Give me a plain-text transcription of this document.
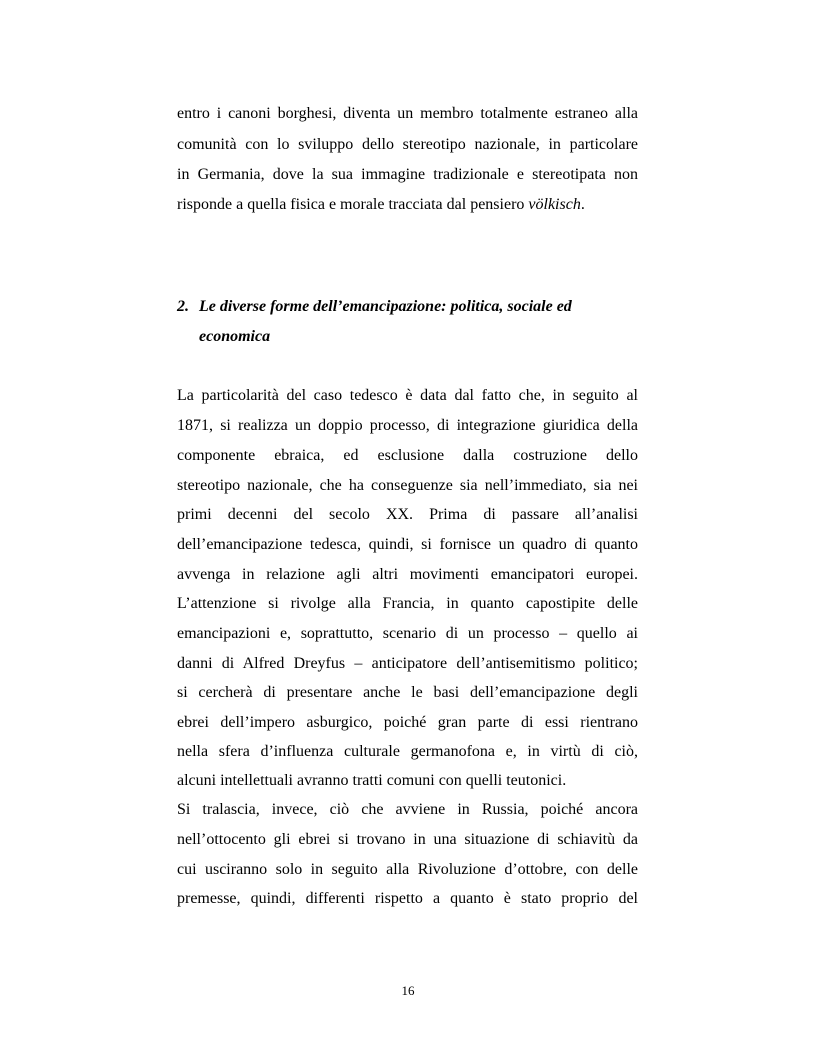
entro i canoni borghesi, diventa un membro totalmente estraneo alla
comunità con lo sviluppo dello stereotipo nazionale, in particolare
in Germania, dove la sua immagine tradizionale e stereotipata non
risponde a quella fisica e morale tracciata dal pensiero völkisch.
2. Le diverse forme dell’emancipazione: politica, sociale ed
economica
La particolarità del caso tedesco è data dal fatto che, in seguito al
1871, si realizza un doppio processo, di integrazione giuridica della
componente ebraica, ed esclusione dalla costruzione dello
stereotipo nazionale, che ha conseguenze sia nell’immediato, sia nei
primi decenni del secolo XX. Prima di passare all’analisi
dell’emancipazione tedesca, quindi, si fornisce un quadro di quanto
avvenga in relazione agli altri movimenti emancipatori europei.
L’attenzione si rivolge alla Francia, in quanto capostipite delle
emancipazioni e, soprattutto, scenario di un processo – quello ai
danni di Alfred Dreyfus – anticipatore dell’antisemitismo politico;
si cercherà di presentare anche le basi dell’emancipazione degli
ebrei dell’impero asburgico, poiché gran parte di essi rientrano
nella sfera d’influenza culturale germanofona e, in virtù di ciò,
alcuni intellettuali avranno tratti comuni con quelli teutonici.
Si tralascia, invece, ciò che avviene in Russia, poiché ancora
nell’ottocento gli ebrei si trovano in una situazione di schiavitù da
cui usciranno solo in seguito alla Rivoluzione d’ottobre, con delle
premesse, quindi, differenti rispetto a quanto è stato proprio del
16
